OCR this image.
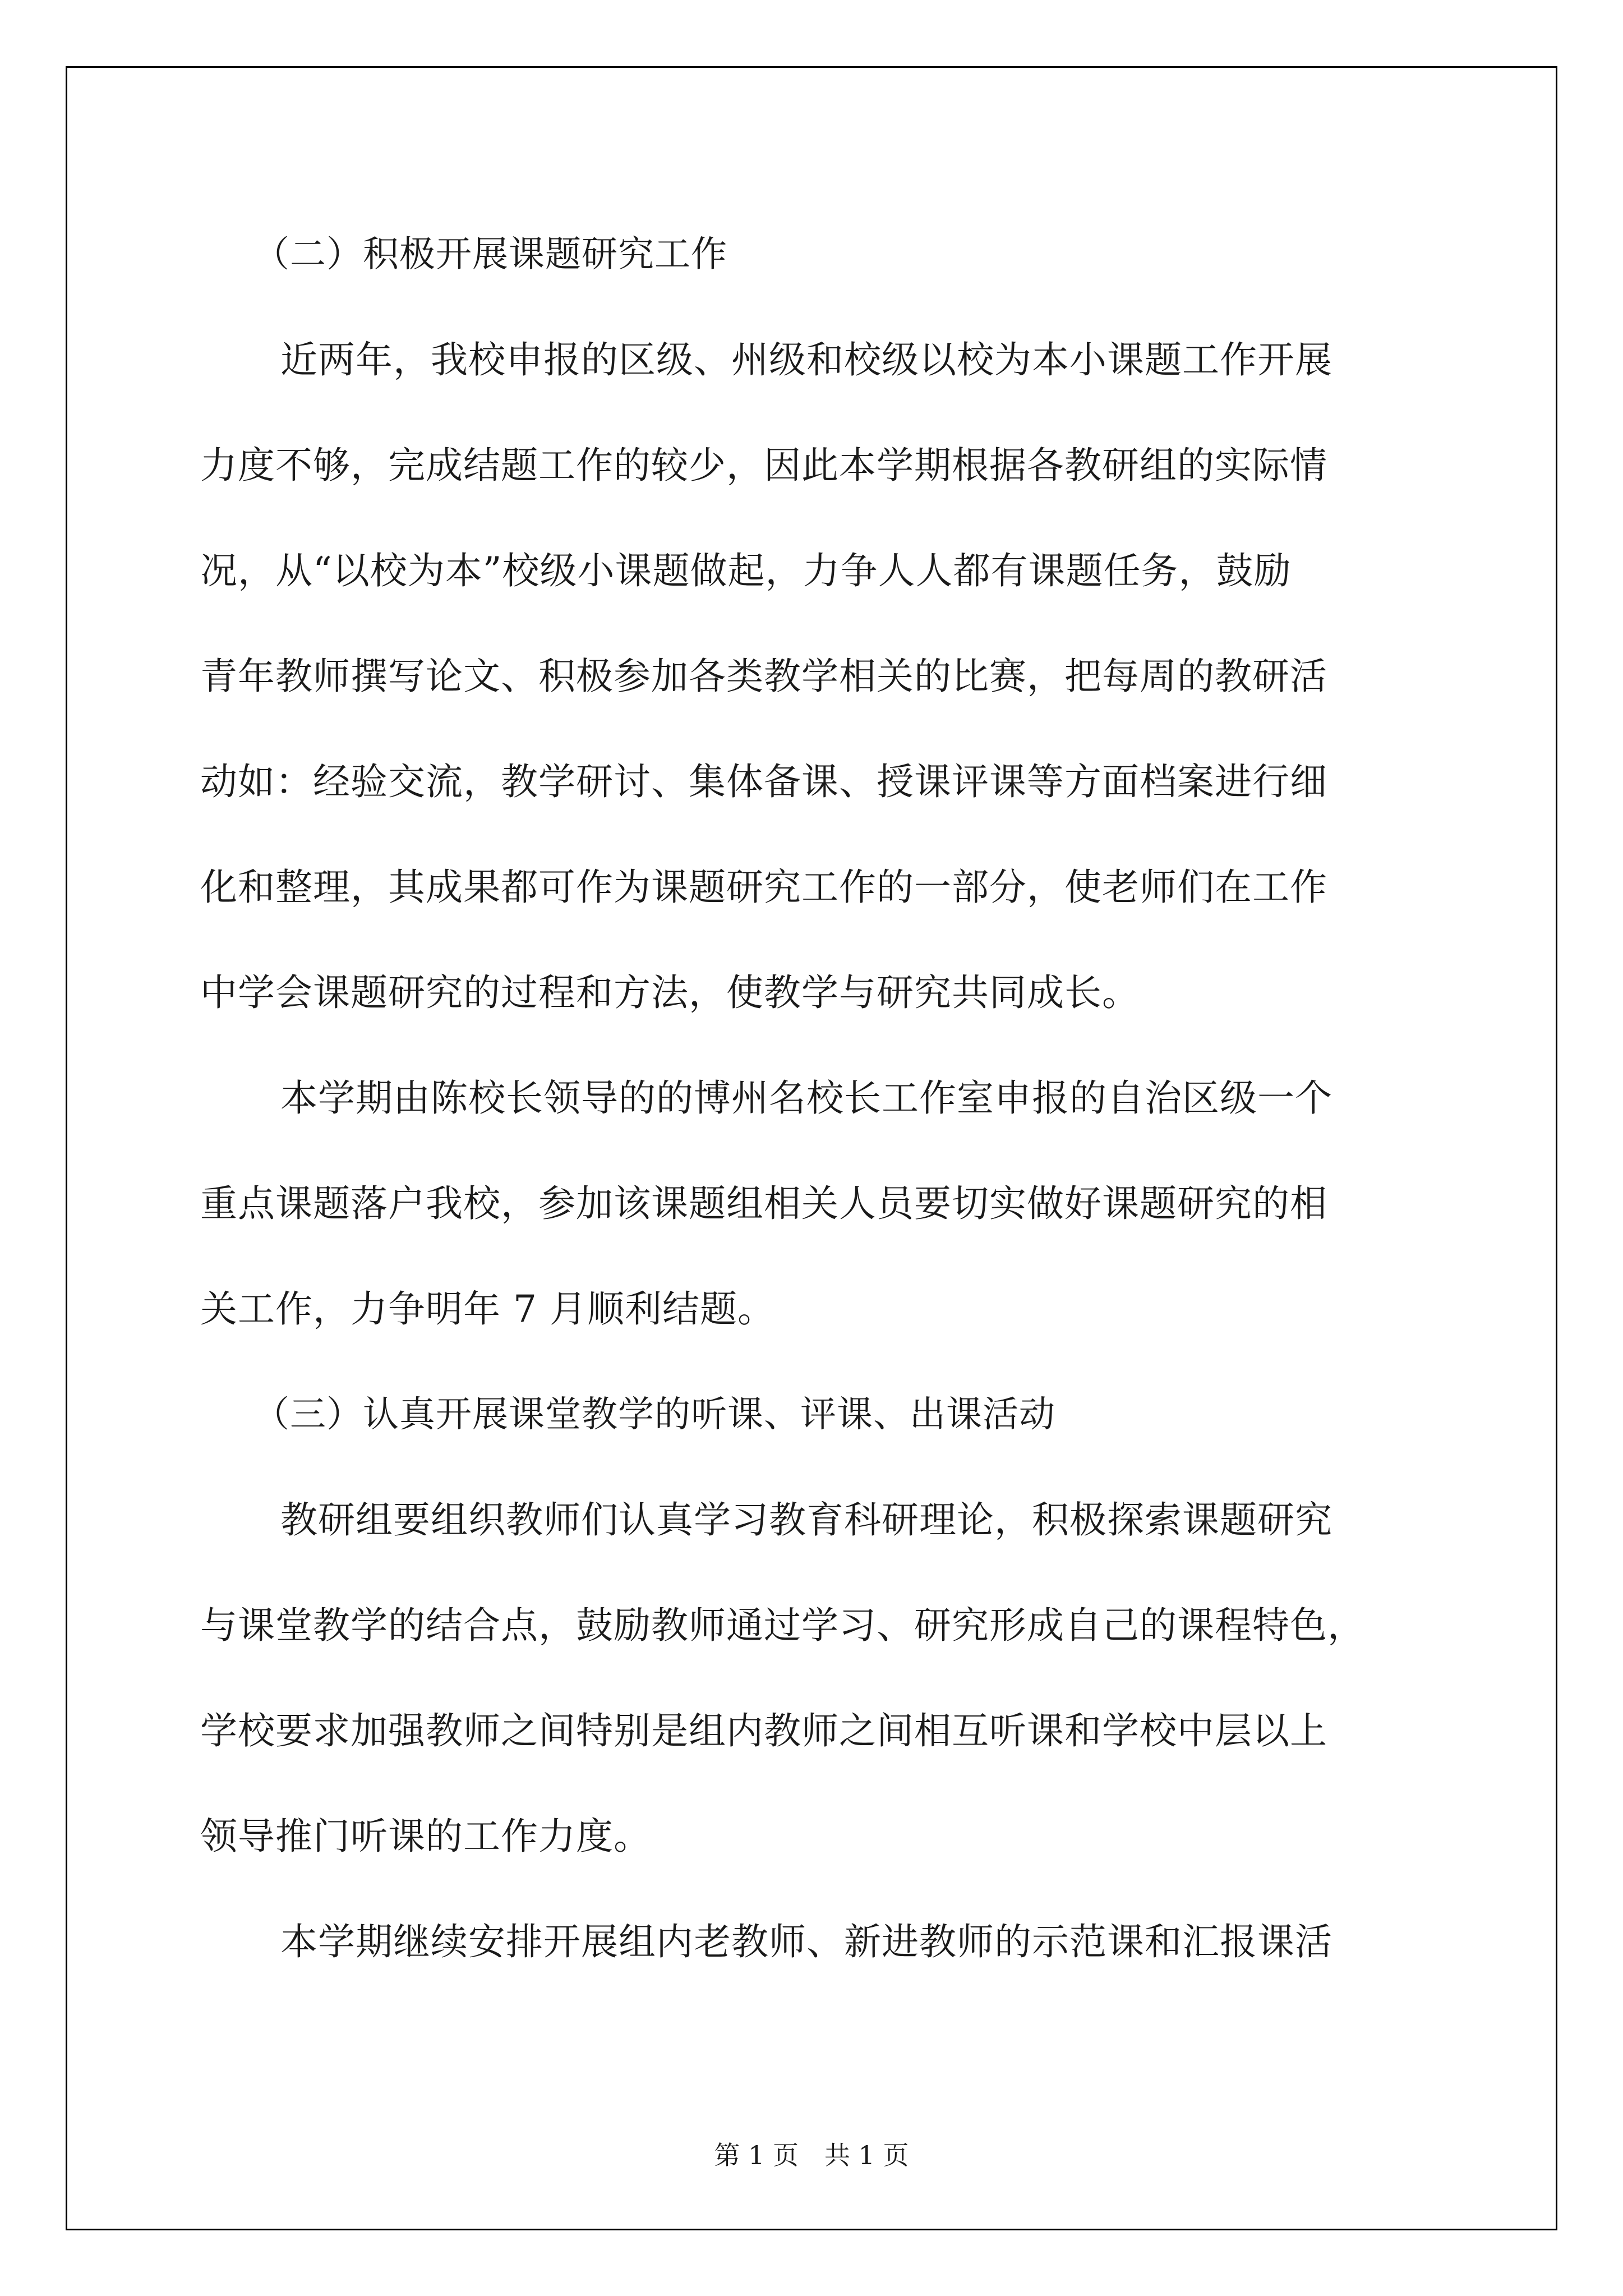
（二）积极开展课题研究工作

近两年，我校申报的区级、州级和校级以校为本小课题工作开展

力度不够，完成结题工作的较少，因此本学期根据各教研组的实际情

况，从“以校为本”校级小课题做起，力争人人都有课题任务，鼓励

青年教师撰写论文、积极参加各类教学相关的比赛，把每周的教研活

动如：经验交流，教学研讨、集体备课、授课评课等方面档案进行细

化和整理，其成果都可作为课题研究工作的一部分，使老师们在工作

中学会课题研究的过程和方法，使教学与研究共同成长。

本学期由陈校长领导的的博州名校长工作室申报的自治区级一个

重点课题落户我校，参加该课题组相关人员要切实做好课题研究的相

关工作，力争明年 7 月顺利结题。

（三）认真开展课堂教学的听课、评课、出课活动

教研组要组织教师们认真学习教育科研理论，积极探索课题研究

与课堂教学的结合点，鼓励教师通过学习、研究形成自己的课程特色，

学校要求加强教师之间特别是组内教师之间相互听课和学校中层以上

领导推门听课的工作力度。

本学期继续安排开展组内老教师、新进教师的示范课和汇报课活

第 1 页　共 1 页
